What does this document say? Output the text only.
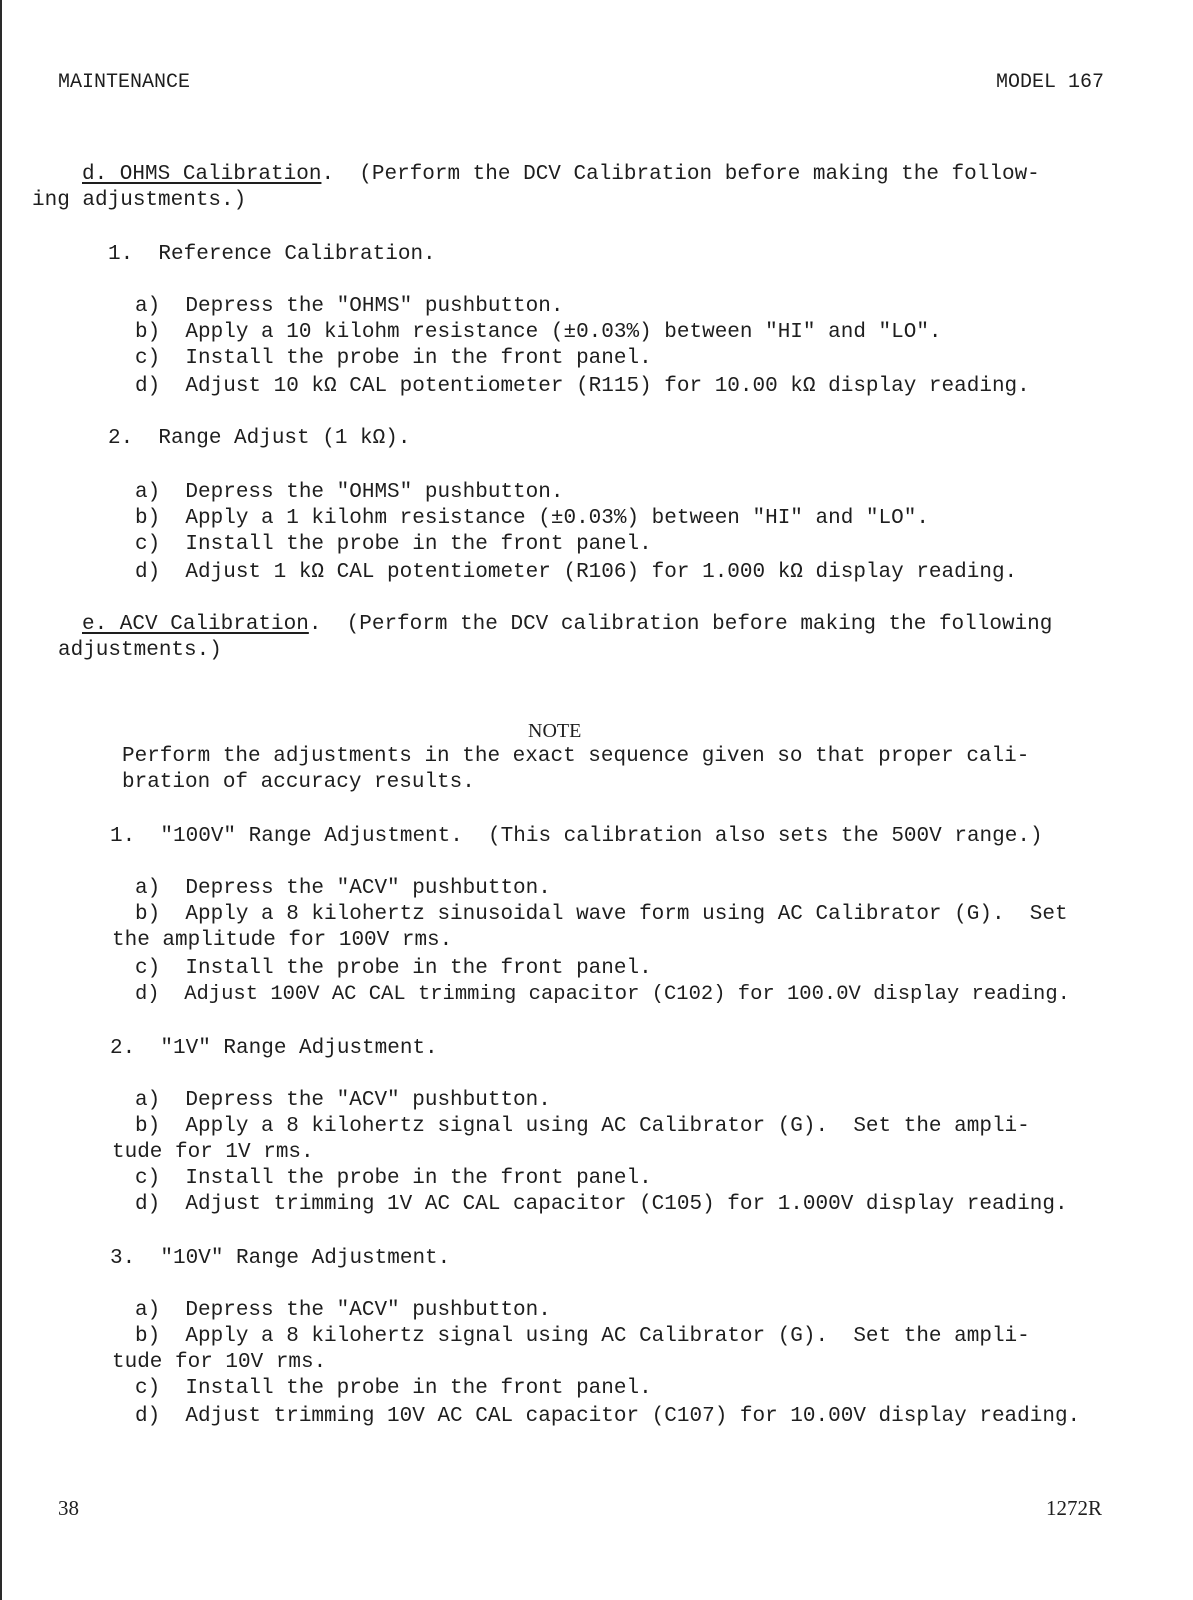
MAINTENANCE	MODEL 167
d. OHMS Calibration.  (Perform the DCV Calibration before making the follow-
ing adjustments.)
1.  Reference Calibration.
a)  Depress the "OHMS" pushbutton.
b)  Apply a 10 kilohm resistance (±0.03%) between "HI" and "LO".
c)  Install the probe in the front panel.
d)  Adjust 10 kΩ CAL potentiometer (R115) for 10.00 kΩ display reading.
2.  Range Adjust (1 kΩ).
a)  Depress the "OHMS" pushbutton.
b)  Apply a 1 kilohm resistance (±0.03%) between "HI" and "LO".
c)  Install the probe in the front panel.
d)  Adjust 1 kΩ CAL potentiometer (R106) for 1.000 kΩ display reading.
e. ACV Calibration.  (Perform the DCV calibration before making the following
adjustments.)
NOTE
Perform the adjustments in the exact sequence given so that proper cali-
bration of accuracy results.
1.  "100V" Range Adjustment.  (This calibration also sets the 500V range.)
a)  Depress the "ACV" pushbutton.
b)  Apply a 8 kilohertz sinusoidal wave form using AC Calibrator (G).  Set
the amplitude for 100V rms.
c)  Install the probe in the front panel.
d)  Adjust 100V AC CAL trimming capacitor (C102) for 100.0V display reading.
2.  "1V" Range Adjustment.
a)  Depress the "ACV" pushbutton.
b)  Apply a 8 kilohertz signal using AC Calibrator (G).  Set the ampli-
tude for 1V rms.
c)  Install the probe in the front panel.
d)  Adjust trimming 1V AC CAL capacitor (C105) for 1.000V display reading.
3.  "10V" Range Adjustment.
a)  Depress the "ACV" pushbutton.
b)  Apply a 8 kilohertz signal using AC Calibrator (G).  Set the ampli-
tude for 10V rms.
c)  Install the probe in the front panel.
d)  Adjust trimming 10V AC CAL capacitor (C107) for 10.00V display reading.
38	1272R
